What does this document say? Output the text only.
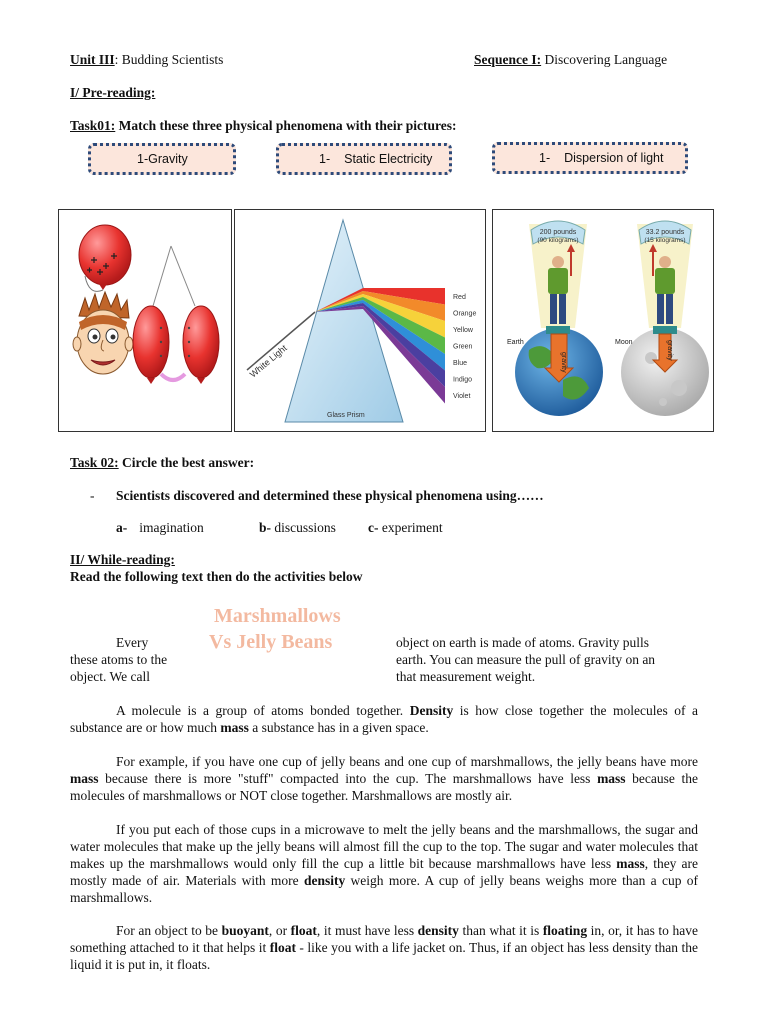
Unit III: Budding Scientists	Sequence I: Discovering Language
I/ Pre-reading:
Task01: Match these three physical phenomena with their pictures:
1-Gravity	1- Static Electricity	1- Dispersion of light
White Light
Glass Prism
Red
Orange
Yellow
Green
Blue
Indigo
Violet
200 pounds
(90 kilograms)
33.2 pounds
(15 kilograms)
gravity
gravity
Earth	Moon
Task 02: Circle the best answer:
- Scientists discovered and determined these physical phenomena using……
a- imagination	b- discussions c- experiment
II/ While-reading:
Read the following text then do the activities below
Marshmallows
Vs Jelly Beans
Every
these atoms to the
object. We call
object on earth is made of atoms. Gravity pulls
earth. You can measure the pull of gravity on an
that measurement weight.
A molecule is a group of atoms bonded together. Density is how close together the molecules of a substance are or how much mass a substance has in a given space.
For example, if you have one cup of jelly beans and one cup of marshmallows, the jelly beans have more mass because there is more "stuff" compacted into the cup. The marshmallows have less mass because the molecules of marshmallows or NOT close together. Marshmallows are mostly air.
If you put each of those cups in a microwave to melt the jelly beans and the marshmallows, the sugar and water molecules that make up the jelly beans will almost fill the cup to the top. The sugar and water molecules that makes up the marshmallows would only fill the cup a little bit because marshmallows have less mass, they are mostly made of air. Materials with more density weigh more. A cup of jelly beans weighs more than a cup of marshmallows.
For an object to be buoyant, or float, it must have less density than what it is floating in, or, it has to have something attached to it that helps it float - like you with a life jacket on. Thus, if an object has less density than the liquid it is put in, it floats.
